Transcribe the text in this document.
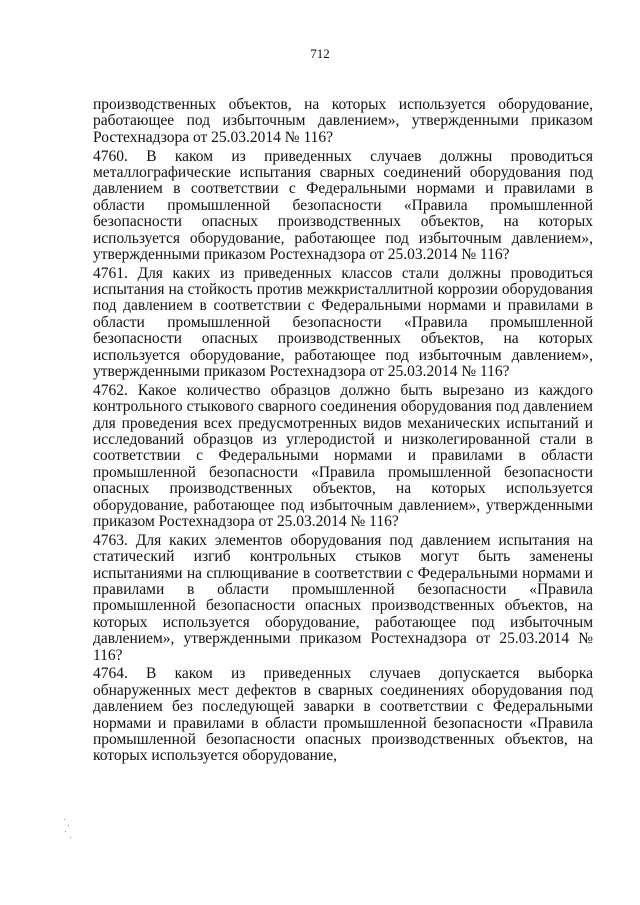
712

производственных объектов, на которых используется оборудование, работающее под избыточным давлением», утвержденными приказом Ростехнадзора от 25.03.2014 № 116?

4760. В каком из приведенных случаев должны проводиться металлографические испытания сварных соединений оборудования под давлением в соответствии с Федеральными нормами и правилами в области промышленной безопасности «Правила промышленной безопасности опасных производственных объектов, на которых используется оборудование, работающее под избыточным давлением», утвержденными приказом Ростехнадзора от 25.03.2014 № 116?

4761. Для каких из приведенных классов стали должны проводиться испытания на стойкость против межкристаллитной коррозии оборудования под давлением в соответствии с Федеральными нормами и правилами в области промышленной безопасности «Правила промышленной безопасности опасных производственных объектов, на которых используется оборудование, работающее под избыточным давлением», утвержденными приказом Ростехнадзора от 25.03.2014 № 116?

4762. Какое количество образцов должно быть вырезано из каждого контрольного стыкового сварного соединения оборудования под давлением для проведения всех предусмотренных видов механических испытаний и исследований образцов из углеродистой и низколегированной стали в соответствии с Федеральными нормами и правилами в области промышленной безопасности «Правила промышленной безопасности опасных производственных объектов, на которых используется оборудование, работающее под избыточным давлением», утвержденными приказом Ростехнадзора от 25.03.2014 № 116?

4763. Для каких элементов оборудования под давлением испытания на статический изгиб контрольных стыков могут быть заменены испытаниями на сплющивание в соответствии с Федеральными нормами и правилами в области промышленной безопасности «Правила промышленной безопасности опасных производственных объектов, на которых используется оборудование, работающее под избыточным давлением», утвержденными приказом Ростехнадзора от 25.03.2014 № 116?

4764. В каком из приведенных случаев допускается выборка обнаруженных мест дефектов в сварных соединениях оборудования под давлением без последующей заварки в соответствии с Федеральными нормами и правилами в области промышленной безопасности «Правила промышленной безопасности опасных производственных объектов, на которых используется оборудование,
